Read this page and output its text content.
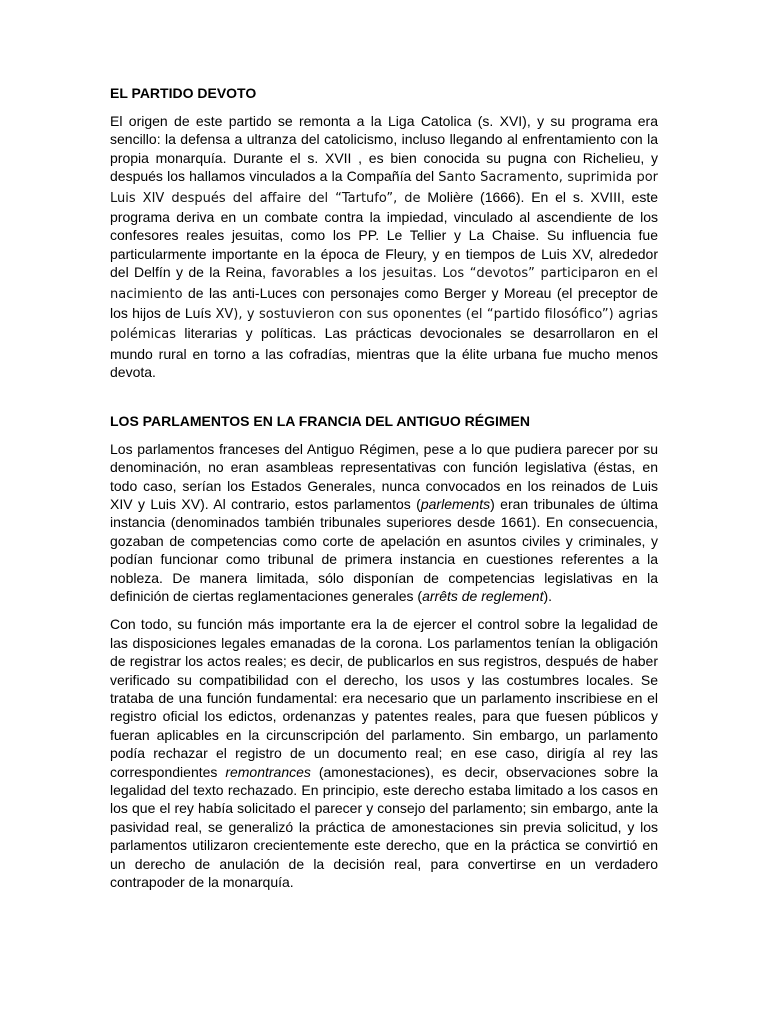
EL PARTIDO DEVOTO

El origen de este partido se remonta a la Liga Catolica (s. XVI), y su programa era sencillo: la defensa a ultranza del catolicismo, incluso llegando al enfrentamiento con la propia monarquía. Durante el s. XVII , es bien conocida su pugna con Richelieu, y después los hallamos vinculados a la Compañía del Santo Sacramento, suprimida por Luis XIV después del affaire del “Tartufo”, de Molière (1666). En el s. XVIII, este programa deriva en un combate contra la impiedad, vinculado al ascendiente de los confesores reales jesuitas, como los PP. Le Tellier y La Chaise. Su influencia fue particularmente importante en la época de Fleury, y en tiempos de Luis XV, alrededor del Delfín y de la Reina, favorables a los jesuitas. Los “devotos” participaron en el nacimiento de las anti-Luces con personajes como Berger y Moreau (el preceptor de los hijos de Luís XV), y sostuvieron con sus oponentes (el “partido filosófico”) agrias polémicas literarias y políticas. Las prácticas devocionales se desarrollaron en el mundo rural en torno a las cofradías, mientras que la élite urbana fue mucho menos devota.

LOS PARLAMENTOS EN LA FRANCIA DEL ANTIGUO RÉGIMEN

Los parlamentos franceses del Antiguo Régimen, pese a lo que pudiera parecer por su denominación, no eran asambleas representativas con función legislativa (éstas, en todo caso, serían los Estados Generales, nunca convocados en los reinados de Luis XIV y Luis XV). Al contrario, estos parlamentos (parlements) eran tribunales de última instancia (denominados también tribunales superiores desde 1661). En consecuencia, gozaban de competencias como corte de apelación en asuntos civiles y criminales, y podían funcionar como tribunal de primera instancia en cuestiones referentes a la nobleza. De manera limitada, sólo disponían de competencias legislativas en la definición de ciertas reglamentaciones generales (arrêts de reglement).

Con todo, su función más importante era la de ejercer el control sobre la legalidad de las disposiciones legales emanadas de la corona. Los parlamentos tenían la obligación de registrar los actos reales; es decir, de publicarlos en sus registros, después de haber verificado su compatibilidad con el derecho, los usos y las costumbres locales. Se trataba de una función fundamental: era necesario que un parlamento inscribiese en el registro oficial los edictos, ordenanzas y patentes reales, para que fuesen públicos y fueran aplicables en la circunscripción del parlamento. Sin embargo, un parlamento podía rechazar el registro de un documento real; en ese caso, dirigía al rey las correspondientes remontrances (amonestaciones), es decir, observaciones sobre la legalidad del texto rechazado. En principio, este derecho estaba limitado a los casos en los que el rey había solicitado el parecer y consejo del parlamento; sin embargo, ante la pasividad real, se generalizó la práctica de amonestaciones sin previa solicitud, y los parlamentos utilizaron crecientemente este derecho, que en la práctica se convirtió en un derecho de anulación de la decisión real, para convertirse en un verdadero contrapoder de la monarquía.
